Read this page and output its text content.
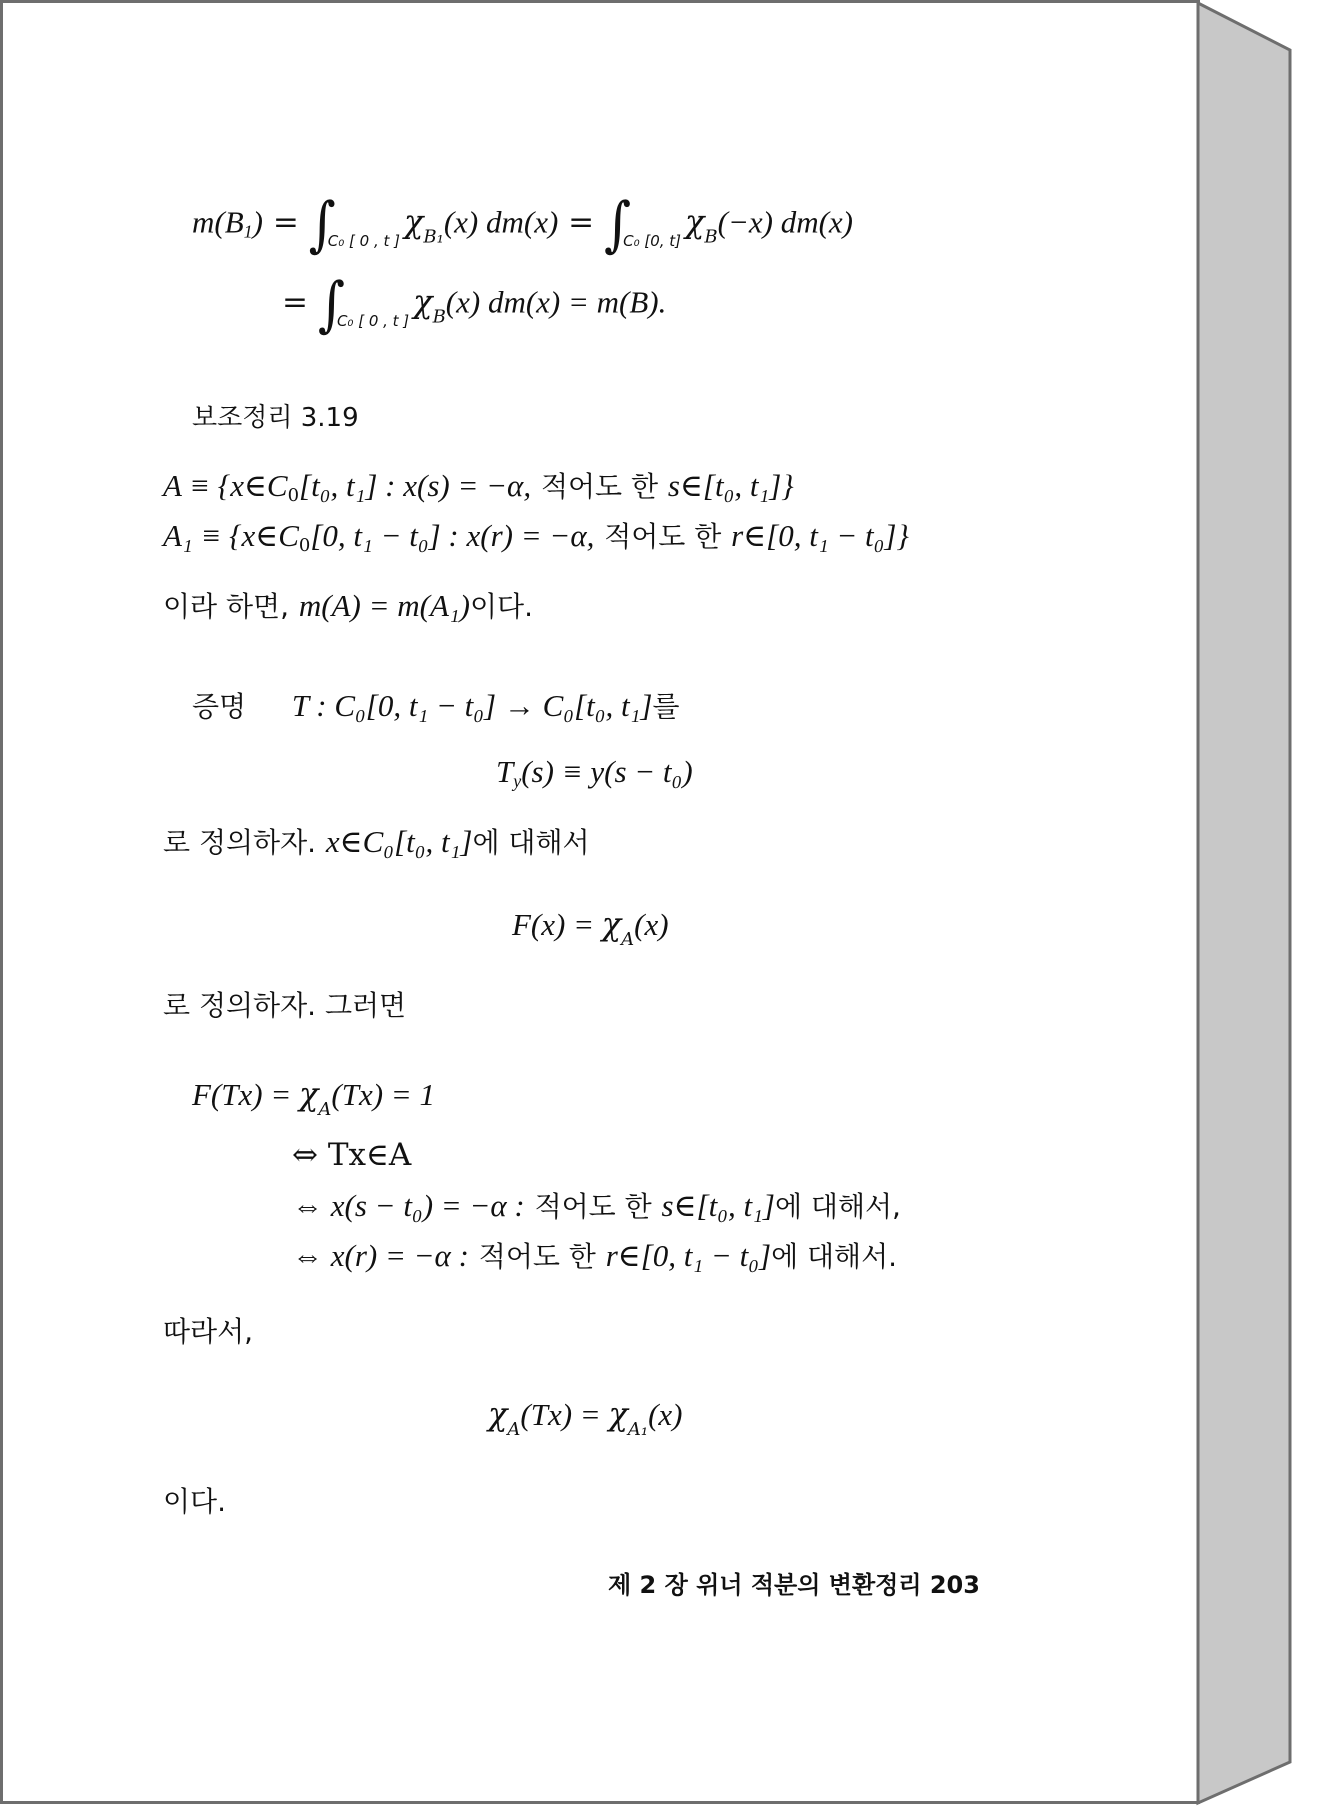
$m(B_1) = \int_{C_0 [ 0 , t ]}\chi_{B_1}(x) dm(x) = \int_{C_0 [0, t]}\chi_B(-x)$ dm(x)
= $\int_{C_0 [ 0 , t ]}\chi_B(x) dm(x) = m(B)$.
보조정리 3.19
$A \equiv \{x\in C_0[t_0$, t₁] : x(s) = −α, 적어도 한 s∈[t₀, t₁]}
$A_1 \equiv \{x\in C_0[0$, t₁ − t₀] : x(r) = −α, 적어도 한 r∈[0, t₁ − t₀]}
이라 하면, m(A) = m(A₁)이다.
증명 T : C₀[0, t₁ − t₀] → C₀[t₀, t₁]를
$T_y(s) \equiv y(s - t_0)$
로 정의하자. x∈C₀[t₀, t₁]에 대해서
$F(x) = \chi_A(x)$
로 정의하자. 그러면
$F(Tx) = \chi_A(Tx) = 1$
⇔ Tx∈A
⇔ x(s − t₀) = −α : 적어도 한 s∈[t₀, t₁]에 대해서,
⇔ x(r) = −α : 적어도 한 r∈[0, t₁ − t₀]에 대해서.
따라서,
$\chi_A(Tx) = \chi_{A_1}(x)$
이다.
제 2 장 위너 적분의 변환정리 203
